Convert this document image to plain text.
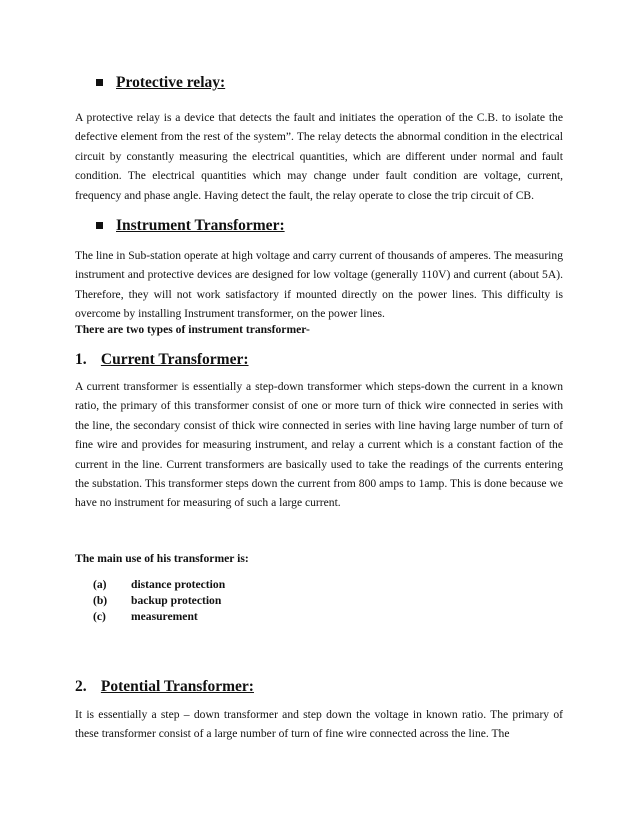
Protective relay:
A protective relay is a device that detects the fault and initiates the operation of the C.B. to isolate the defective element from the rest of the system”. The relay detects the abnormal condition in the electrical circuit by constantly measuring the electrical quantities, which are different under normal and fault condition. The electrical quantities which may change under fault condition are voltage, current, frequency and phase angle. Having detect the fault, the relay operate to close the trip circuit of CB.
Instrument Transformer:
The line in Sub-station operate at high voltage and carry current of thousands of amperes. The measuring instrument and protective devices are designed for low voltage (generally 110V) and current (about 5A). Therefore, they will not work satisfactory if mounted directly on the power lines. This difficulty is overcome by installing Instrument transformer, on the power lines.
There are two types of instrument transformer-
1. Current Transformer:
A current transformer is essentially a step-down transformer which steps-down the current in a known ratio, the primary of this transformer consist of one or more turn of thick wire connected in series with the line, the secondary consist of thick wire connected in series with line having large number of turn of fine wire and provides for measuring instrument, and relay a current which is a constant faction of the current in the line. Current transformers are basically used to take the readings of the currents entering the substation. This transformer steps down the current from 800 amps to 1amp. This is done because we have no instrument for measuring of such a large current.
The main use of his transformer is:
(a)	distance protection
(b)	backup protection
(c)	measurement
2. Potential Transformer:
It is essentially a step – down transformer and step down the voltage in known ratio. The primary of these transformer consist of a large number of turn of fine wire connected across the line. The
